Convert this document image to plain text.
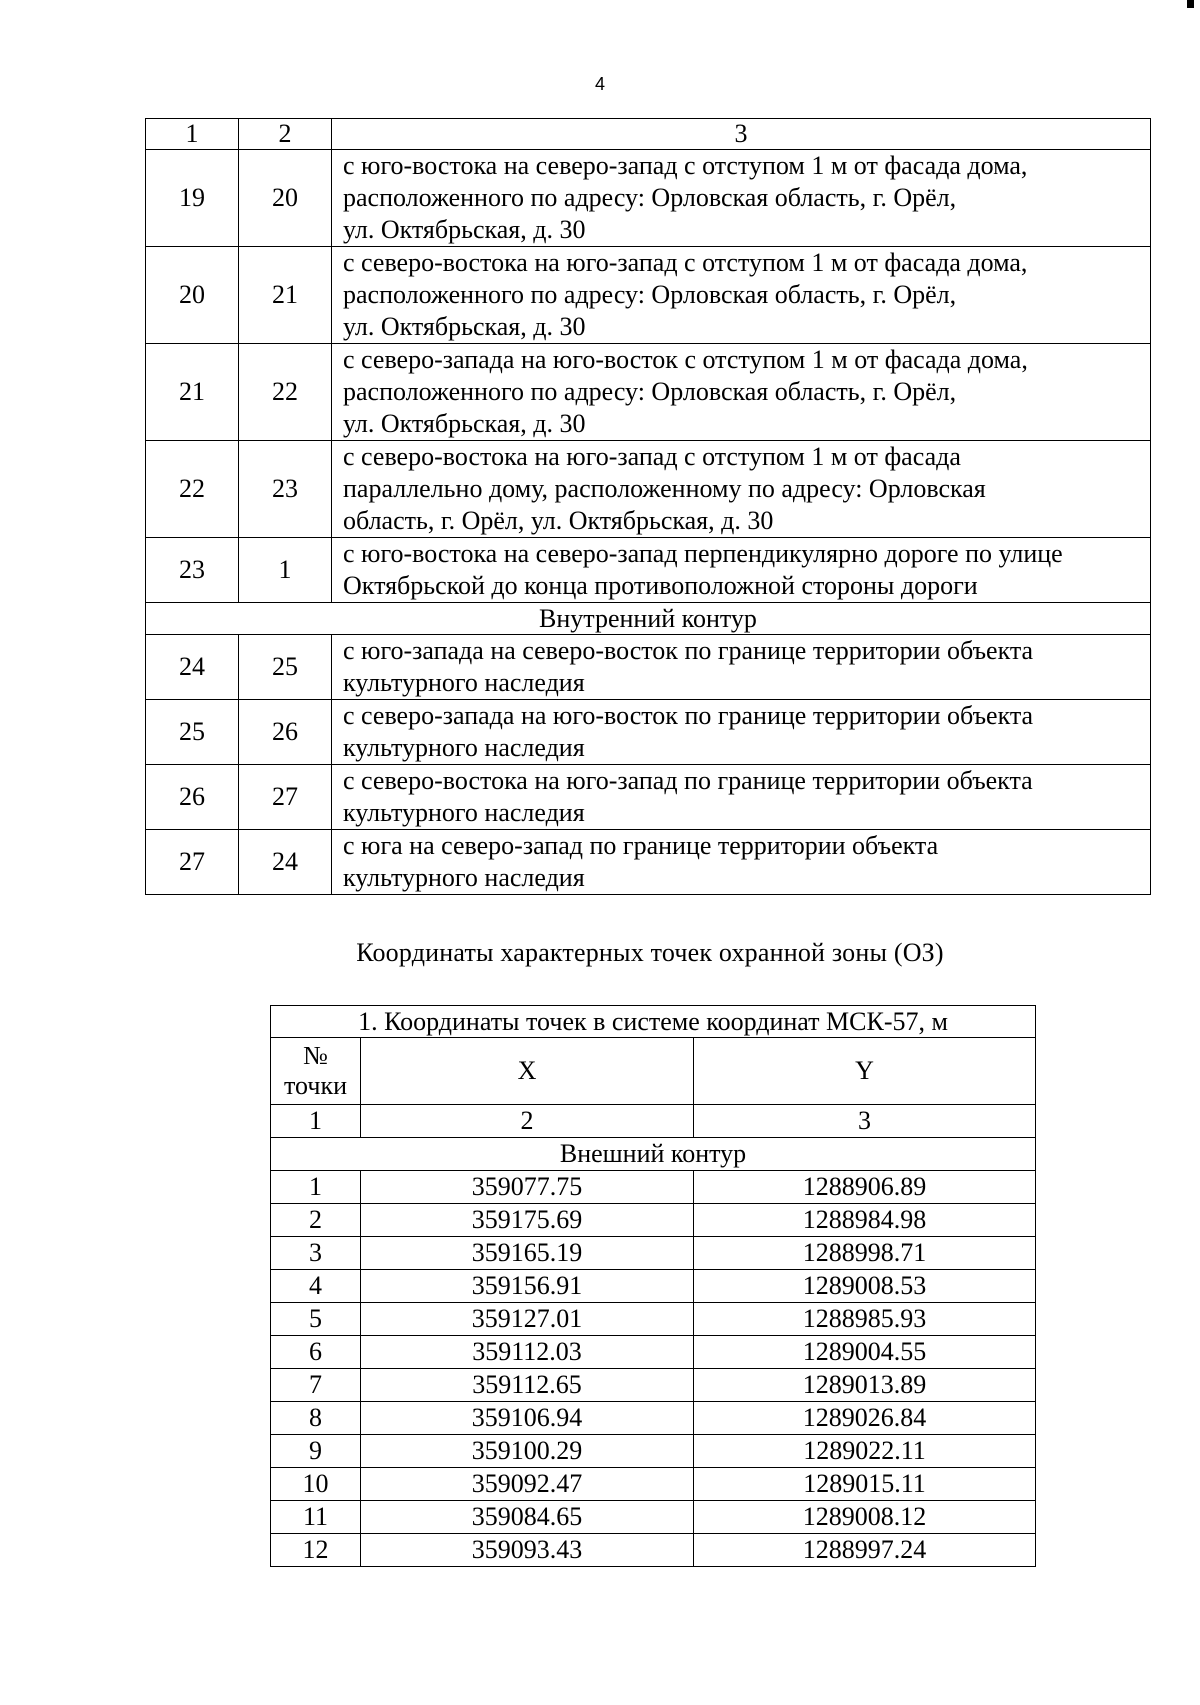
4
1	2	3
19	20	с юго-востока на северо-запад с отступом 1 м от фасада дома,
расположенного по адресу: Орловская область, г. Орёл,
ул. Октябрьская, д. 30

20	21	с северо-востока на юго-запад с отступом 1 м от фасада дома,
расположенного по адресу: Орловская область, г. Орёл,
ул. Октябрьская, д. 30

21	22	с северо-запада на юго-восток с отступом 1 м от фасада дома,
расположенного по адресу: Орловская область, г. Орёл,
ул. Октябрьская, д. 30

22	23	с северо-востока на юго-запад с отступом 1 м от фасада
параллельно дому, расположенному по адресу: Орловская
область, г. Орёл, ул. Октябрьская, д. 30

23	1	с юго-востока на северо-запад перпендикулярно дороге по улице
Октябрьской до конца противоположной стороны дороги

Внутренний контур		
24	25	с юго-запада на северо-восток по границе территории объекта
культурного наследия

25	26	с северо-запада на юго-восток по границе территории объекта
культурного наследия

26	27	с северо-востока на юго-запад по границе территории объекта
культурного наследия

27	24	с юга на северо-запад по границе территории объекта
культурного наследия
Координаты характерных точек охранной зоны (ОЗ)
1. Координаты точек в системе координат МСК-57, м		

№
точки	X	Y
1	2	3
Внешний контур		
1	359077.75	1288906.89
2	359175.69	1288984.98
3	359165.19	1288998.71
4	359156.91	1289008.53
5	359127.01	1288985.93
6	359112.03	1289004.55
7	359112.65	1289013.89
8	359106.94	1289026.84
9	359100.29	1289022.11
10	359092.47	1289015.11
11	359084.65	1289008.12
12	359093.43	1288997.24
